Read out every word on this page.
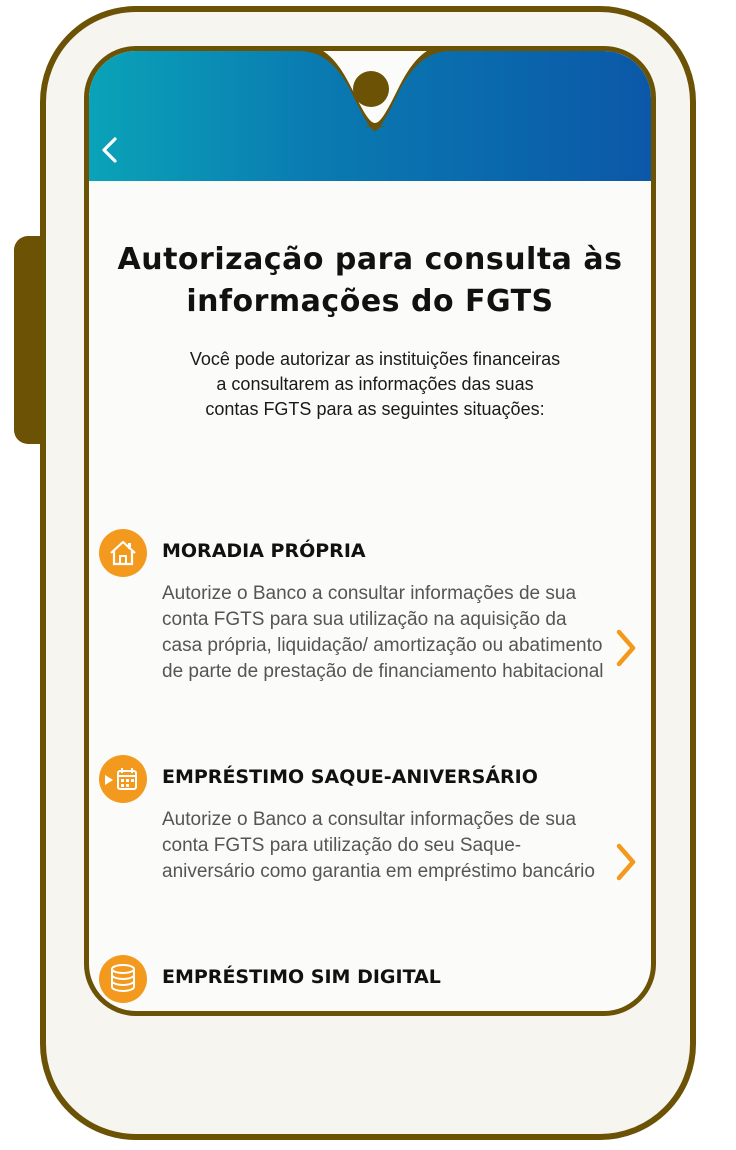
Autorização para consulta às informações do FGTS

Você pode autorizar as instituições financeiras a consultarem as informações das suas contas FGTS para as seguintes situações:

MORADIA PRÓPRIA

Autorize o Banco a consultar informações de sua conta FGTS para sua utilização na aquisição da casa própria, liquidação/ amortização ou abatimento de parte de prestação de financiamento habitacional

EMPRÉSTIMO SAQUE-ANIVERSÁRIO

Autorize o Banco a consultar informações de sua conta FGTS para utilização do seu Saque-aniversário como garantia em empréstimo bancário

EMPRÉSTIMO SIM DIGITAL
